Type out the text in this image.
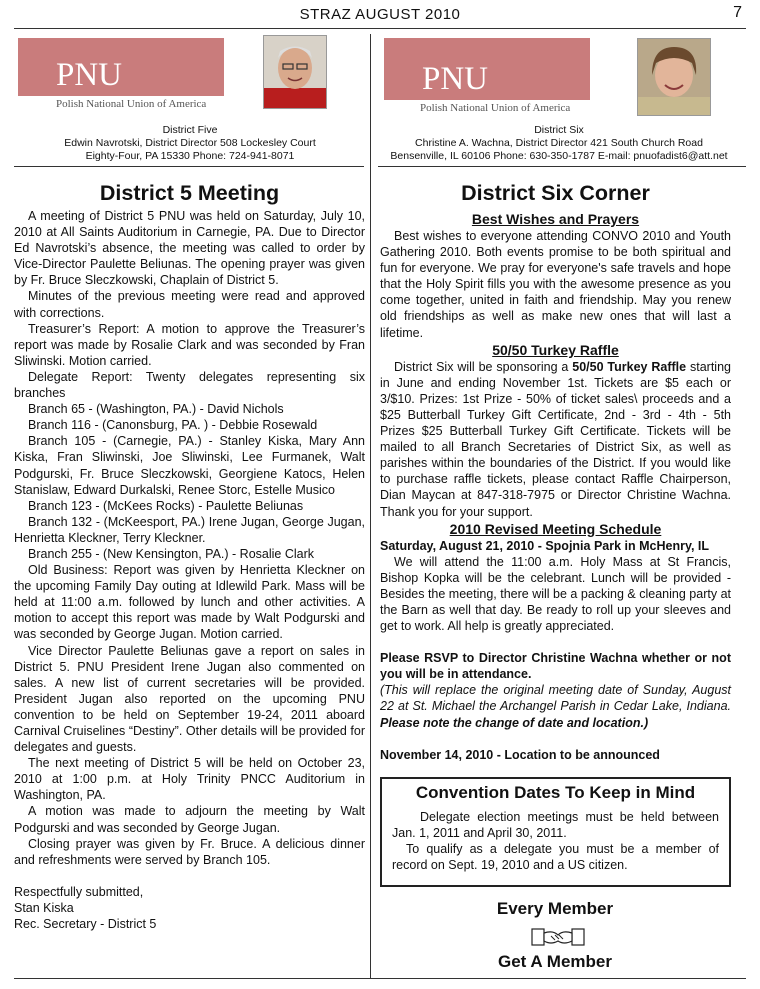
STRAZ AUGUST 2010	7
PNU
Polish National Union of America
District Five
Edwin Navrotski, District Director 508 Lockesley Court
Eighty-Four, PA 15330 Phone: 724-941-8071
PNU
Polish National Union of America
District Six
Christine A. Wachna, District Director 421 South Church Road
Bensenville, IL 60106 Phone: 630-350-1787 E-mail: pnuofadist6@att.net
District 5 Meeting

A meeting of District 5 PNU was held on Saturday, July 10, 2010 at All Saints Auditorium in Carnegie, PA. Due to Director Ed Navrotski’s absence, the meeting was called to order by Vice-Director Paulette Beliunas. The opening prayer was given by Fr. Bruce Sleczkowski, Chaplain of District 5.

Minutes of the previous meeting were read and approved with corrections.

Treasurer’s Report: A motion to approve the Treasurer’s report was made by Rosalie Clark and was seconded by Fran Sliwinski. Motion carried.

Delegate Report: Twenty delegates representing six branches

Branch 65 - (Washington, PA.) - David Nichols

Branch 116 - (Canonsburg, PA. ) - Debbie Rosewald

Branch 105 - (Carnegie, PA.) - Stanley Kiska, Mary Ann Kiska, Fran Sliwinski, Joe Sliwinski, Lee Furmanek, Walt Podgurski, Fr. Bruce Sleczkowski, Georgiene Katocs, Helen Stanislaw, Edward Durkalski, Renee Storc, Estelle Musico

Branch 123 - (McKees Rocks) - Paulette Beliunas

Branch 132 - (McKeesport, PA.) Irene Jugan, George Jugan, Henrietta Kleckner, Terry Kleckner.

Branch 255 - (New Kensington, PA.) - Rosalie Clark

Old Business: Report was given by Henrietta Kleckner on the upcoming Family Day outing at Idlewild Park. Mass will be held at 11:00 a.m. followed by lunch and other activities. A motion to accept this report was made by Walt Podgurski and was seconded by George Jugan. Motion carried.

Vice Director Paulette Beliunas gave a report on sales in District 5. PNU President Irene Jugan also commented on sales. A new list of current secretaries will be provided. President Jugan also reported on the upcoming PNU convention to be held on September 19-24, 2011 aboard Carnival Cruiselines “Destiny”. Other details will be provided for delegates and guests.

The next meeting of District 5 will be held on October 23, 2010 at 1:00 p.m. at Holy Trinity PNCC Auditorium in Washington, PA.

A motion was made to adjourn the meeting by Walt Podgurski and was seconded by George Jugan.

Closing prayer was given by Fr. Bruce. A delicious dinner and refreshments were served by Branch 105.

Respectfully submitted,

Stan Kiska

Rec. Secretary - District 5

District Six Corner
Best Wishes and Prayers

Best wishes to everyone attending CONVO 2010 and Youth Gathering 2010. Both events promise to be both spiritual and fun for everyone. We pray for everyone's safe travels and hope that the Holy Spirit fills you with the awesome presence as you come together, united in faith and friendship. May you renew old friendships as well as make new ones that will last a lifetime.

50/50 Turkey Raffle

District Six will be sponsoring a 50/50 Turkey Raffle starting in June and ending November 1st. Tickets are $5 each or 3/$10. Prizes: 1st Prize - 50% of ticket sales\ proceeds and a $25 Butterball Turkey Gift Certificate, 2nd - 3rd - 4th - 5th Prizes $25 Butterball Turkey Gift Certificate. Tickets will be mailed to all Branch Secretaries of District Six, as well as parishes within the boundaries of the District. If you would like to purchase raffle tickets, please contact Raffle Chairperson, Dian Maycan at 847-318-7975 or Director Christine Wachna. Thank you for your support.

2010 Revised Meeting Schedule

Saturday, August 21, 2010 - Spojnia Park in McHenry, IL

We will attend the 11:00 a.m. Holy Mass at St Francis, Bishop Kopka will be the celebrant. Lunch will be provided - Besides the meeting, there will be a packing & cleaning party at the Barn as well that day. Be ready to roll up your sleeves and get to work. All help is greatly appreciated.

Please RSVP to Director Christine Wachna whether or not you will be in attendance.

(This will replace the original meeting date of Sunday, August 22 at St. Michael the Archangel Parish in Cedar Lake, Indiana. Please note the change of date and location.)

November 14, 2010 - Location to be announced

Convention Dates To Keep in Mind

Delegate election meetings must be held between Jan. 1, 2011 and April 30, 2011.

To qualify as a delegate you must be a member of record on Sept. 19, 2010 and a US citizen.

Every Member
Get A Member
